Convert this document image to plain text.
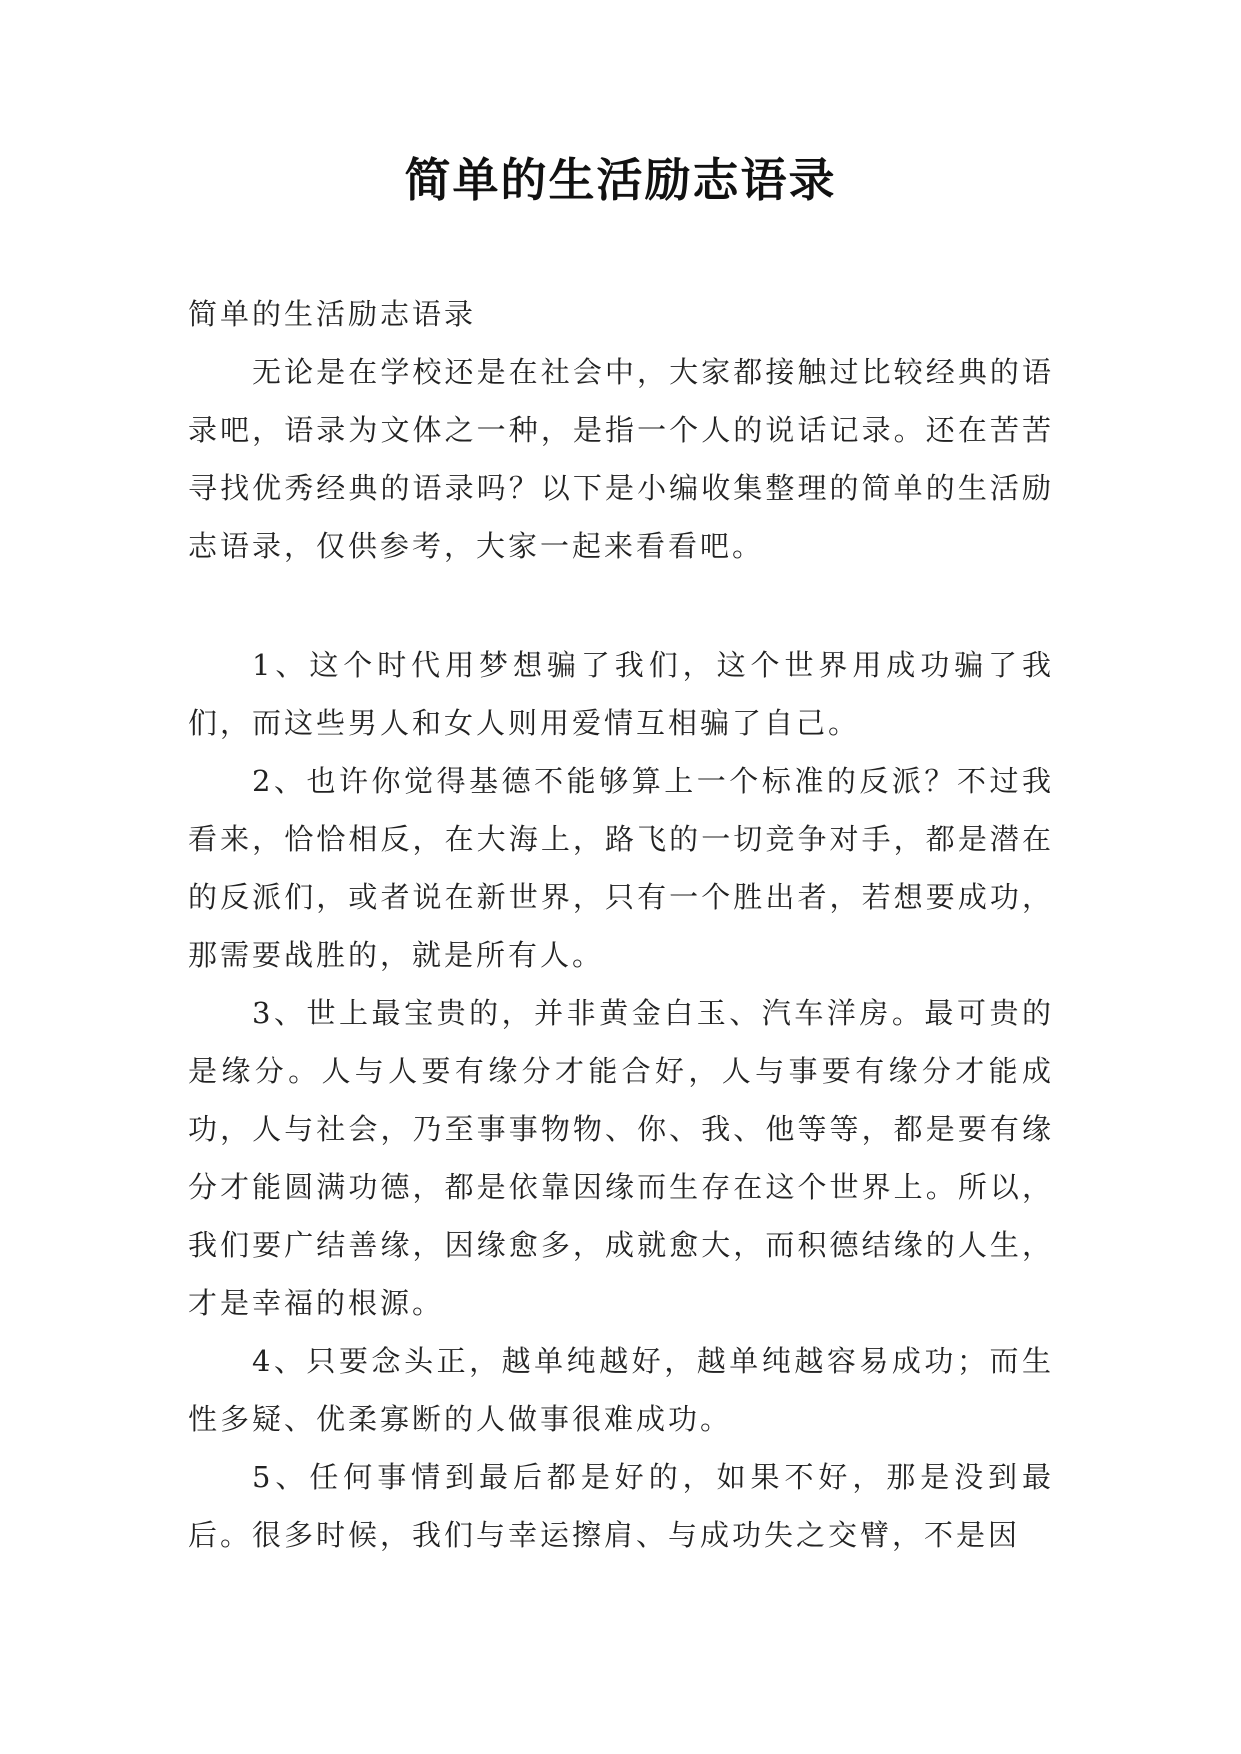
简单的生活励志语录
简单的生活励志语录
无论是在学校还是在社会中，大家都接触过比较经典的语录吧，语录为文体之一种，是指一个人的说话记录。还在苦苦寻找优秀经典的语录吗？以下是小编收集整理的简单的生活励志语录，仅供参考，大家一起来看看吧。

1、这个时代用梦想骗了我们，这个世界用成功骗了我们，而这些男人和女人则用爱情互相骗了自己。

2、也许你觉得基德不能够算上一个标准的反派？不过我看来，恰恰相反，在大海上，路飞的一切竞争对手，都是潜在的反派们，或者说在新世界，只有一个胜出者，若想要成功，那需要战胜的，就是所有人。

3、世上最宝贵的，并非黄金白玉、汽车洋房。最可贵的是缘分。人与人要有缘分才能合好，人与事要有缘分才能成功，人与社会，乃至事事物物、你、我、他等等，都是要有缘分才能圆满功德，都是依靠因缘而生存在这个世界上。所以，我们要广结善缘，因缘愈多，成就愈大，而积德结缘的人生，才是幸福的根源。

4、只要念头正，越单纯越好，越单纯越容易成功；而生性多疑、优柔寡断的人做事很难成功。

5、任何事情到最后都是好的，如果不好，那是没到最后。很多时候，我们与幸运擦肩、与成功失之交臂，不是因
